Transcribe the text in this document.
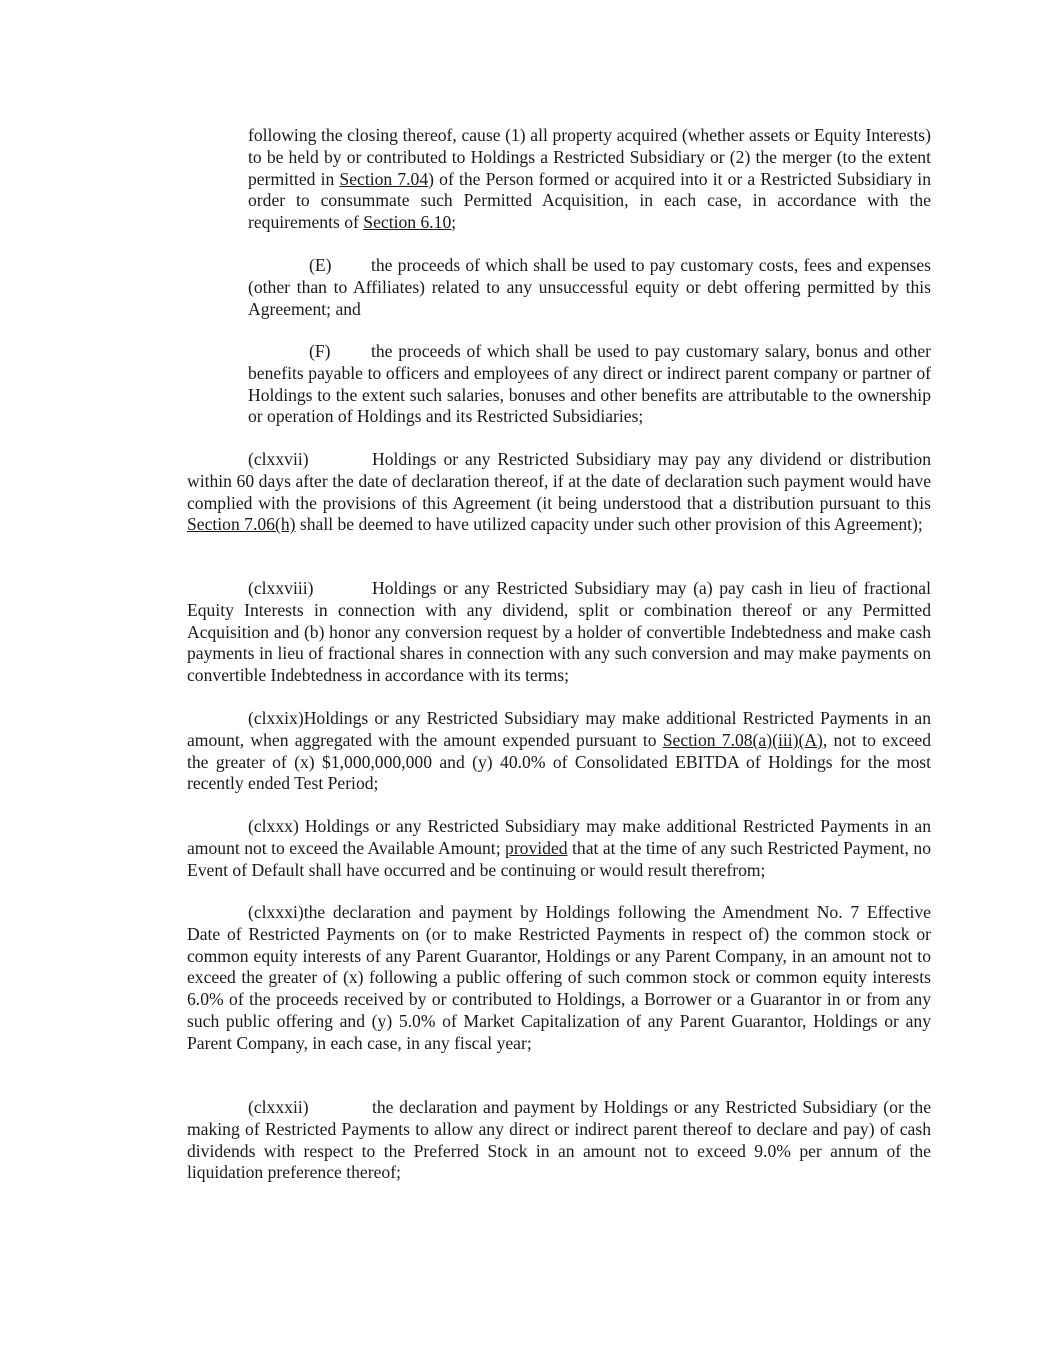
following the closing thereof, cause (1) all property acquired (whether assets or Equity Interests) to be held by or contributed to Holdings a Restricted Subsidiary or (2) the merger (to the extent permitted in Section 7.04) of the Person formed or acquired into it or a Restricted Subsidiary in order to consummate such Permitted Acquisition, in each case, in accordance with the requirements of Section 6.10;

(E) the proceeds of which shall be used to pay customary costs, fees and expenses (other than to Affiliates) related to any unsuccessful equity or debt offering permitted by this Agreement; and

(F) the proceeds of which shall be used to pay customary salary, bonus and other benefits payable to officers and employees of any direct or indirect parent company or partner of Holdings to the extent such salaries, bonuses and other benefits are attributable to the ownership or operation of Holdings and its Restricted Subsidiaries;

(clxxvii)	Holdings or any Restricted Subsidiary may pay any dividend or distribution within 60 days after the date of declaration thereof, if at the date of declaration such payment would have complied with the provisions of this Agreement (it being understood that a distribution pursuant to this Section 7.06(h) shall be deemed to have utilized capacity under such other provision of this Agreement);

(clxxviii)	Holdings or any Restricted Subsidiary may (a) pay cash in lieu of fractional Equity Interests in connection with any dividend, split or combination thereof or any Permitted Acquisition and (b) honor any conversion request by a holder of convertible Indebtedness and make cash payments in lieu of fractional shares in connection with any such conversion and may make payments on convertible Indebtedness in accordance with its terms;

(clxxix)Holdings or any Restricted Subsidiary may make additional Restricted Payments in an amount, when aggregated with the amount expended pursuant to Section 7.08(a)(iii)(A), not to exceed the greater of (x) $1,000,000,000 and (y) 40.0% of Consolidated EBITDA of Holdings for the most recently ended Test Period;

(clxxx) Holdings or any Restricted Subsidiary may make additional Restricted Payments in an amount not to exceed the Available Amount; provided that at the time of any such Restricted Payment, no Event of Default shall have occurred and be continuing or would result therefrom;

(clxxxi)the declaration and payment by Holdings following the Amendment No. 7 Effective Date of Restricted Payments on (or to make Restricted Payments in respect of) the common stock or common equity interests of any Parent Guarantor, Holdings or any Parent Company, in an amount not to exceed the greater of (x) following a public offering of such common stock or common equity interests 6.0% of the proceeds received by or contributed to Holdings, a Borrower or a Guarantor in or from any such public offering and (y) 5.0% of Market Capitalization of any Parent Guarantor, Holdings or any Parent Company, in each case, in any fiscal year;

(clxxxii)	the declaration and payment by Holdings or any Restricted Subsidiary (or the making of Restricted Payments to allow any direct or indirect parent thereof to declare and pay) of cash dividends with respect to the Preferred Stock in an amount not to exceed 9.0% per annum of the liquidation preference thereof;
